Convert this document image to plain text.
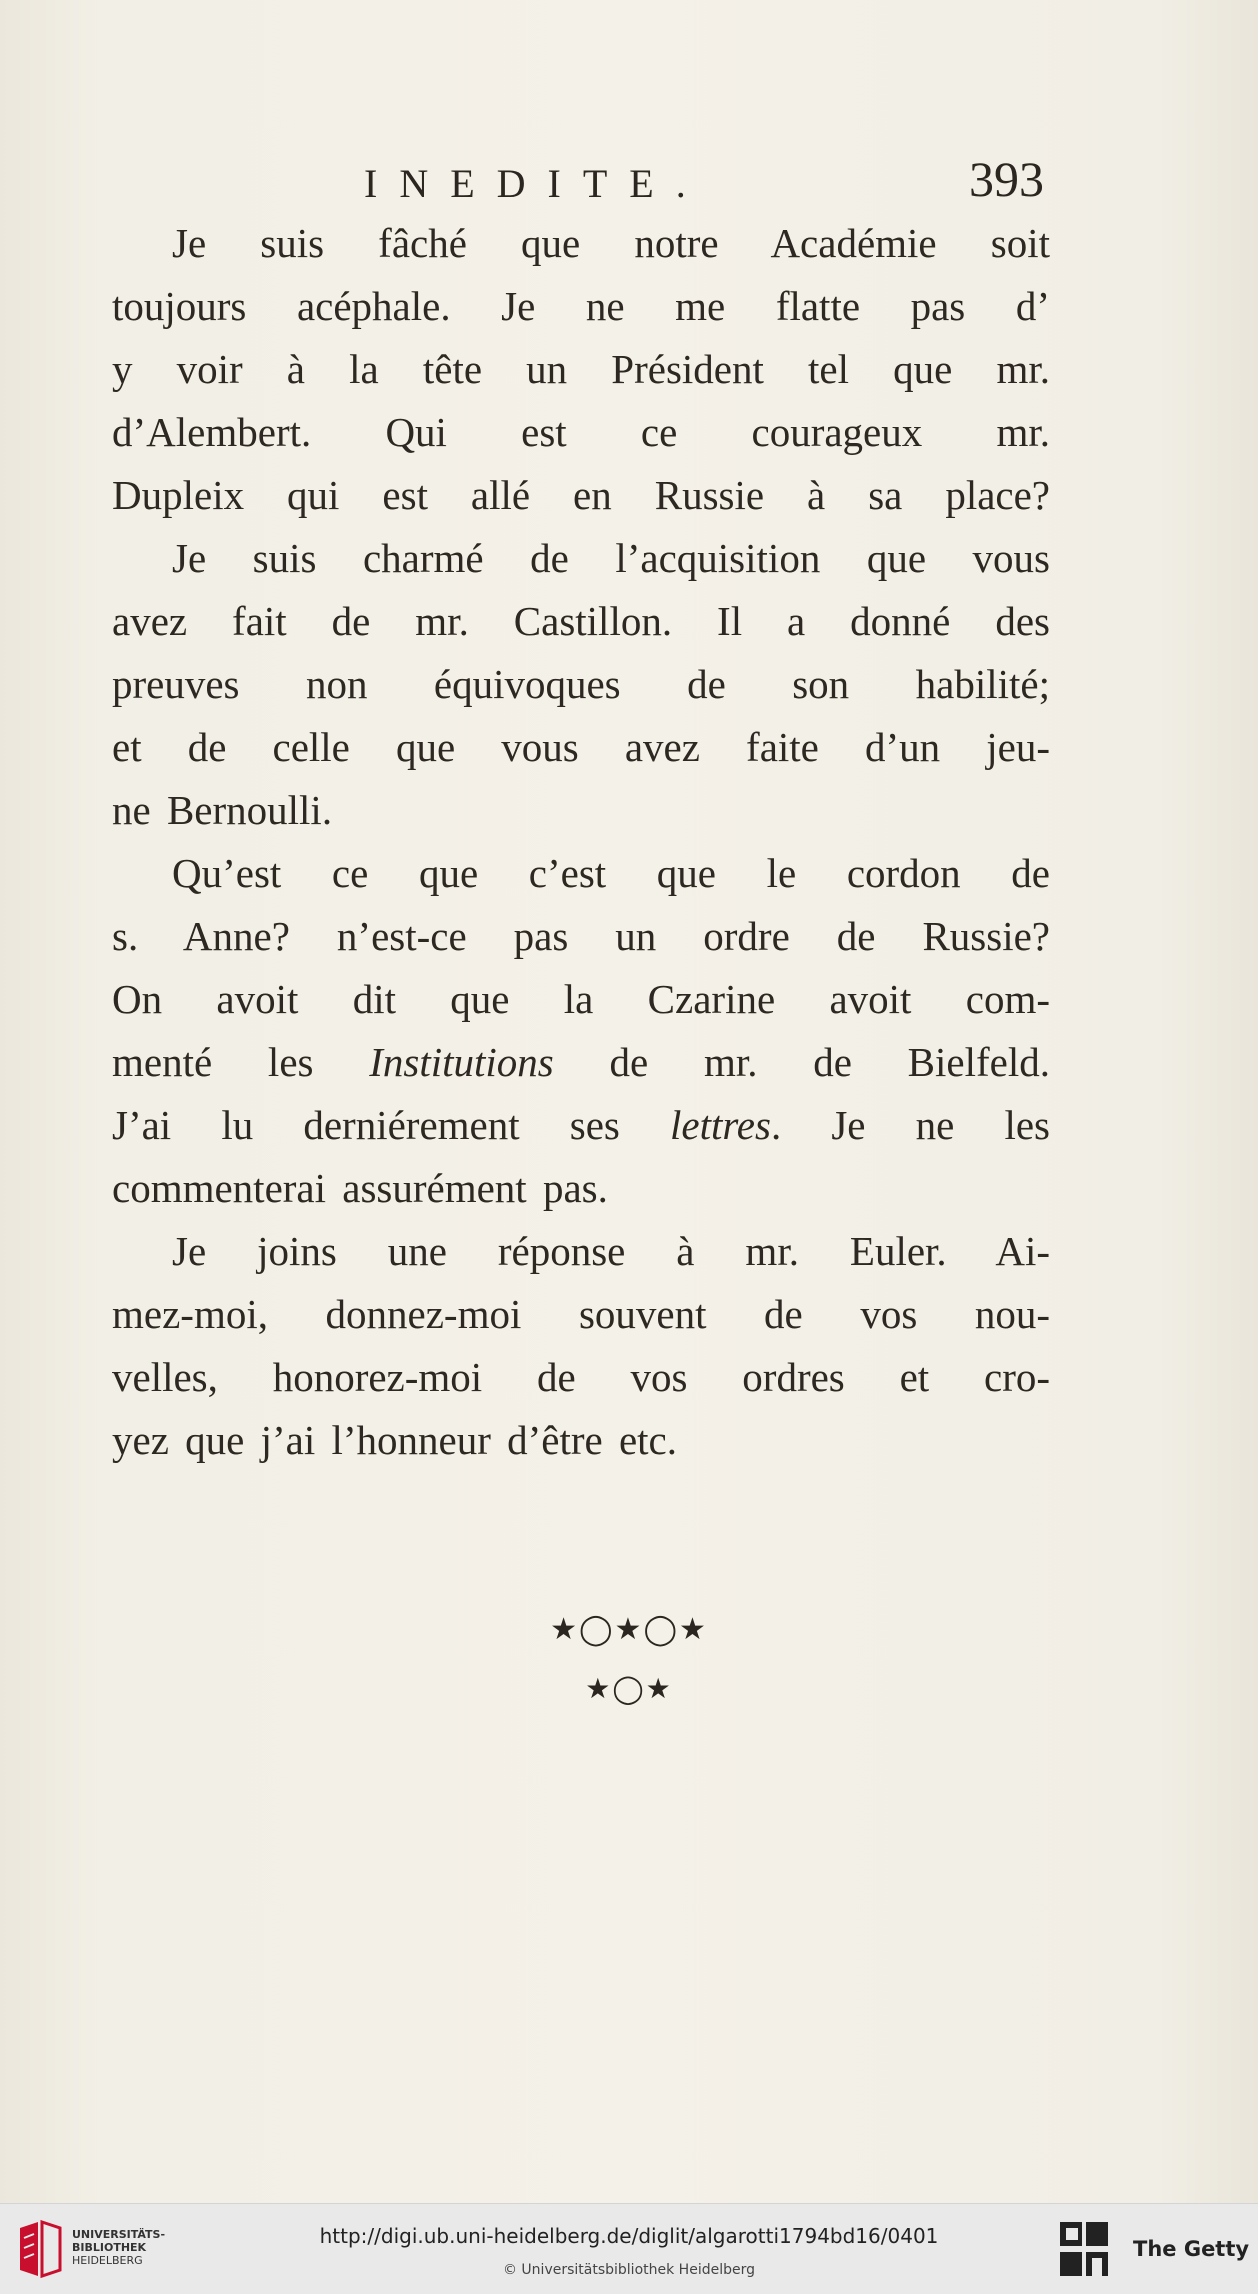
INEDITE.	393

Je suis fâché que notre Académie soit
toujours acéphale. Je ne me flatte pas d’
y voir à la tête un Président tel que mr.
d’Alembert. Qui est ce courageux mr.
Dupleix qui est allé en Russie à sa place?

Je suis charmé de l’acquisition que vous
avez fait de mr. Castillon. Il a donné des
preuves non équivoques de son habilité;
et de celle que vous avez faite d’un jeu-
ne Bernoulli.

Qu’est ce que c’est que le cordon de
s. Anne? n’est-ce pas un ordre de Russie?
On avoit dit que la Czarine avoit com-
menté les Institutions de mr. de Bielfeld.
J’ai lu derniérement ses lettres. Je ne les
commenterai assurément pas.

Je joins une réponse à mr. Euler. Ai-
mez-moi, donnez-moi souvent de vos nou-
velles, honorez-moi de vos ordres et cro-
yez que j’ai l’honneur d’être etc.

★◯★◯★
★◯★
UNIVERSITÄTS-
BIBLIOTHEK
HEIDELBERG
http://digi.ub.uni-heidelberg.de/diglit/algarotti1794bd16/0401
© Universitätsbibliothek Heidelberg
The Getty
